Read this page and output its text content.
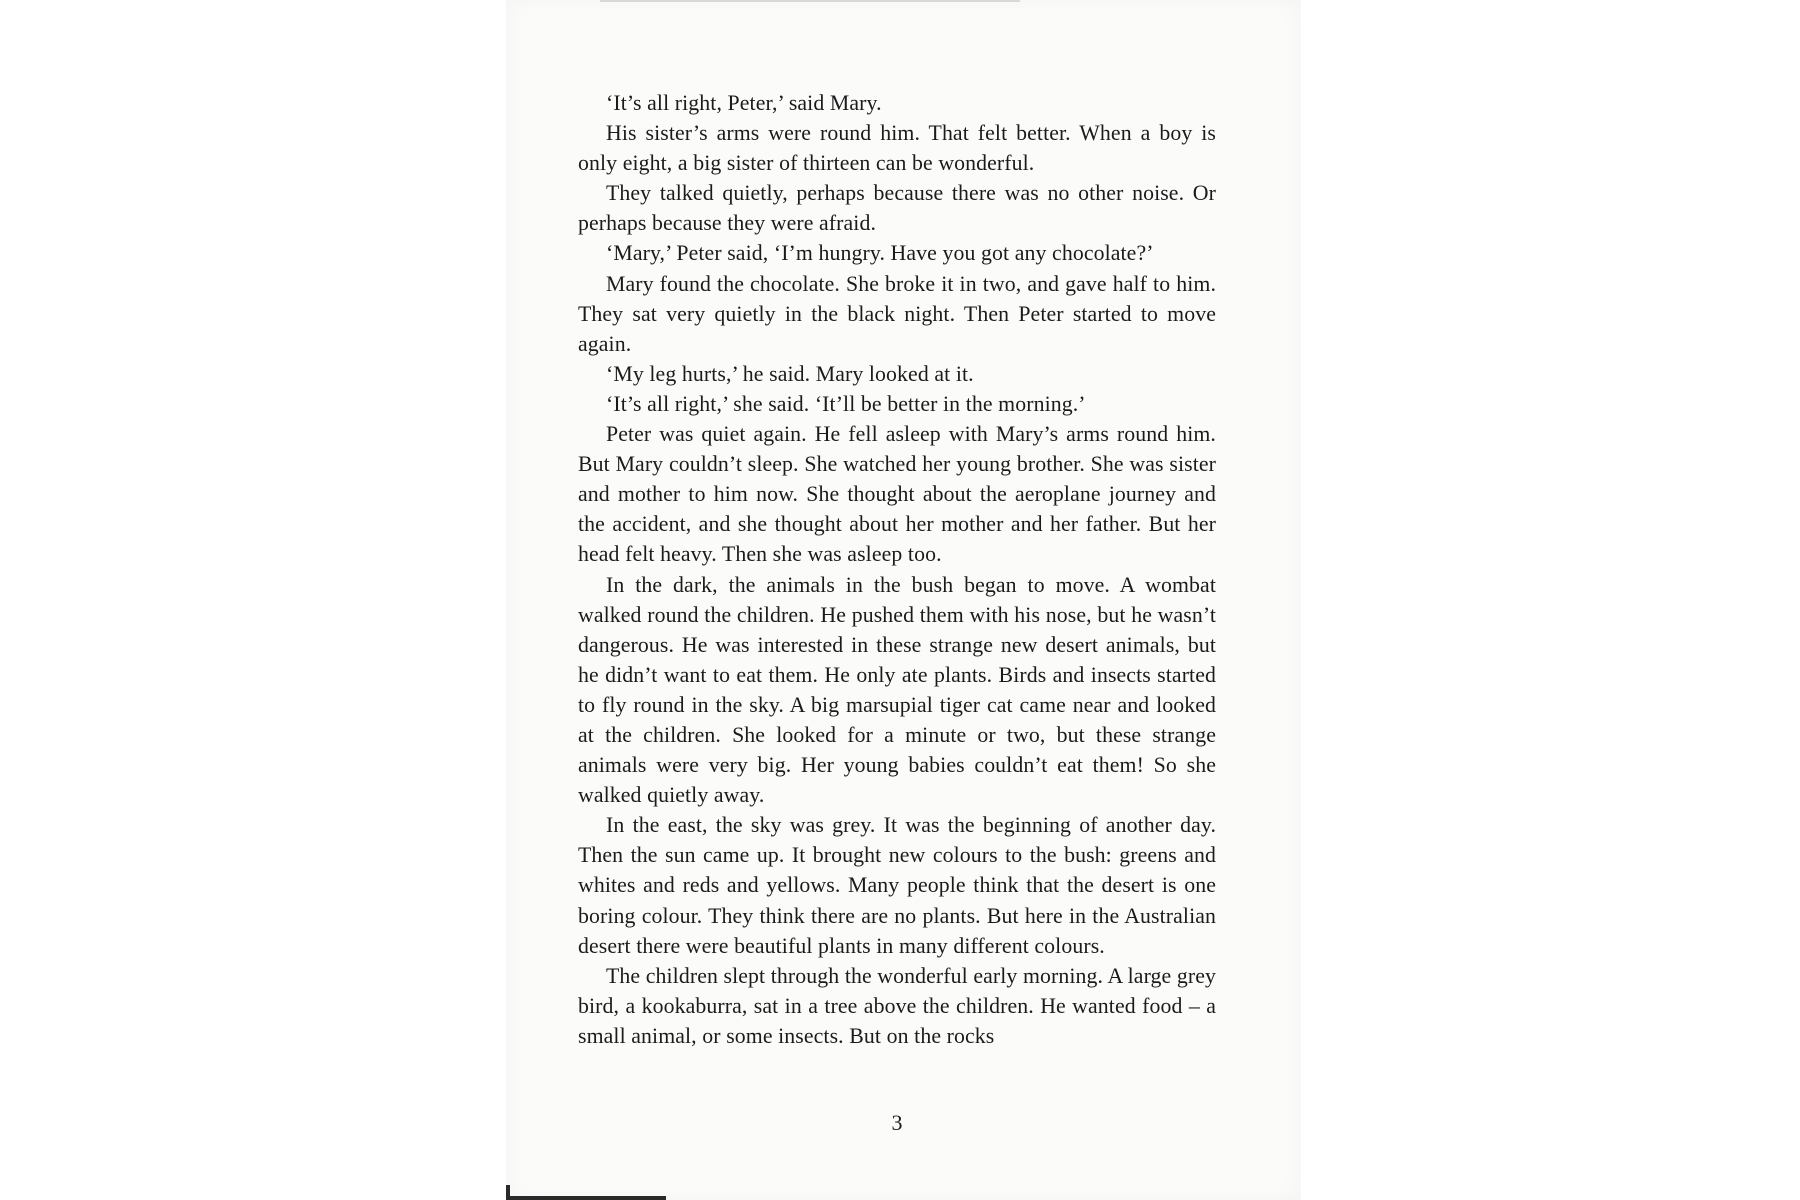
‘It’s all right, Peter,’ said Mary.

His sister’s arms were round him. That felt better. When a boy is only eight, a big sister of thirteen can be wonderful.

They talked quietly, perhaps because there was no other noise. Or perhaps because they were afraid.

‘Mary,’ Peter said, ‘I’m hungry. Have you got any chocolate?’

Mary found the chocolate. She broke it in two, and gave half to him. They sat very quietly in the black night. Then Peter started to move again.

‘My leg hurts,’ he said. Mary looked at it.

‘It’s all right,’ she said. ‘It’ll be better in the morning.’

Peter was quiet again. He fell asleep with Mary’s arms round him. But Mary couldn’t sleep. She watched her young brother. She was sister and mother to him now. She thought about the aeroplane journey and the accident, and she thought about her mother and her father. But her head felt heavy. Then she was asleep too.

In the dark, the animals in the bush began to move. A wombat walked round the children. He pushed them with his nose, but he wasn’t dangerous. He was interested in these strange new desert animals, but he didn’t want to eat them. He only ate plants. Birds and insects started to fly round in the sky. A big marsupial tiger cat came near and looked at the children. She looked for a minute or two, but these strange animals were very big. Her young babies couldn’t eat them! So she walked quietly away.

In the east, the sky was grey. It was the beginning of another day. Then the sun came up. It brought new colours to the bush: greens and whites and reds and yellows. Many people think that the desert is one boring colour. They think there are no plants. But here in the Australian desert there were beautiful plants in many different colours.

The children slept through the wonderful early morning. A large grey bird, a kookaburra, sat in a tree above the children. He wanted food – a small animal, or some insects. But on the rocks

3
